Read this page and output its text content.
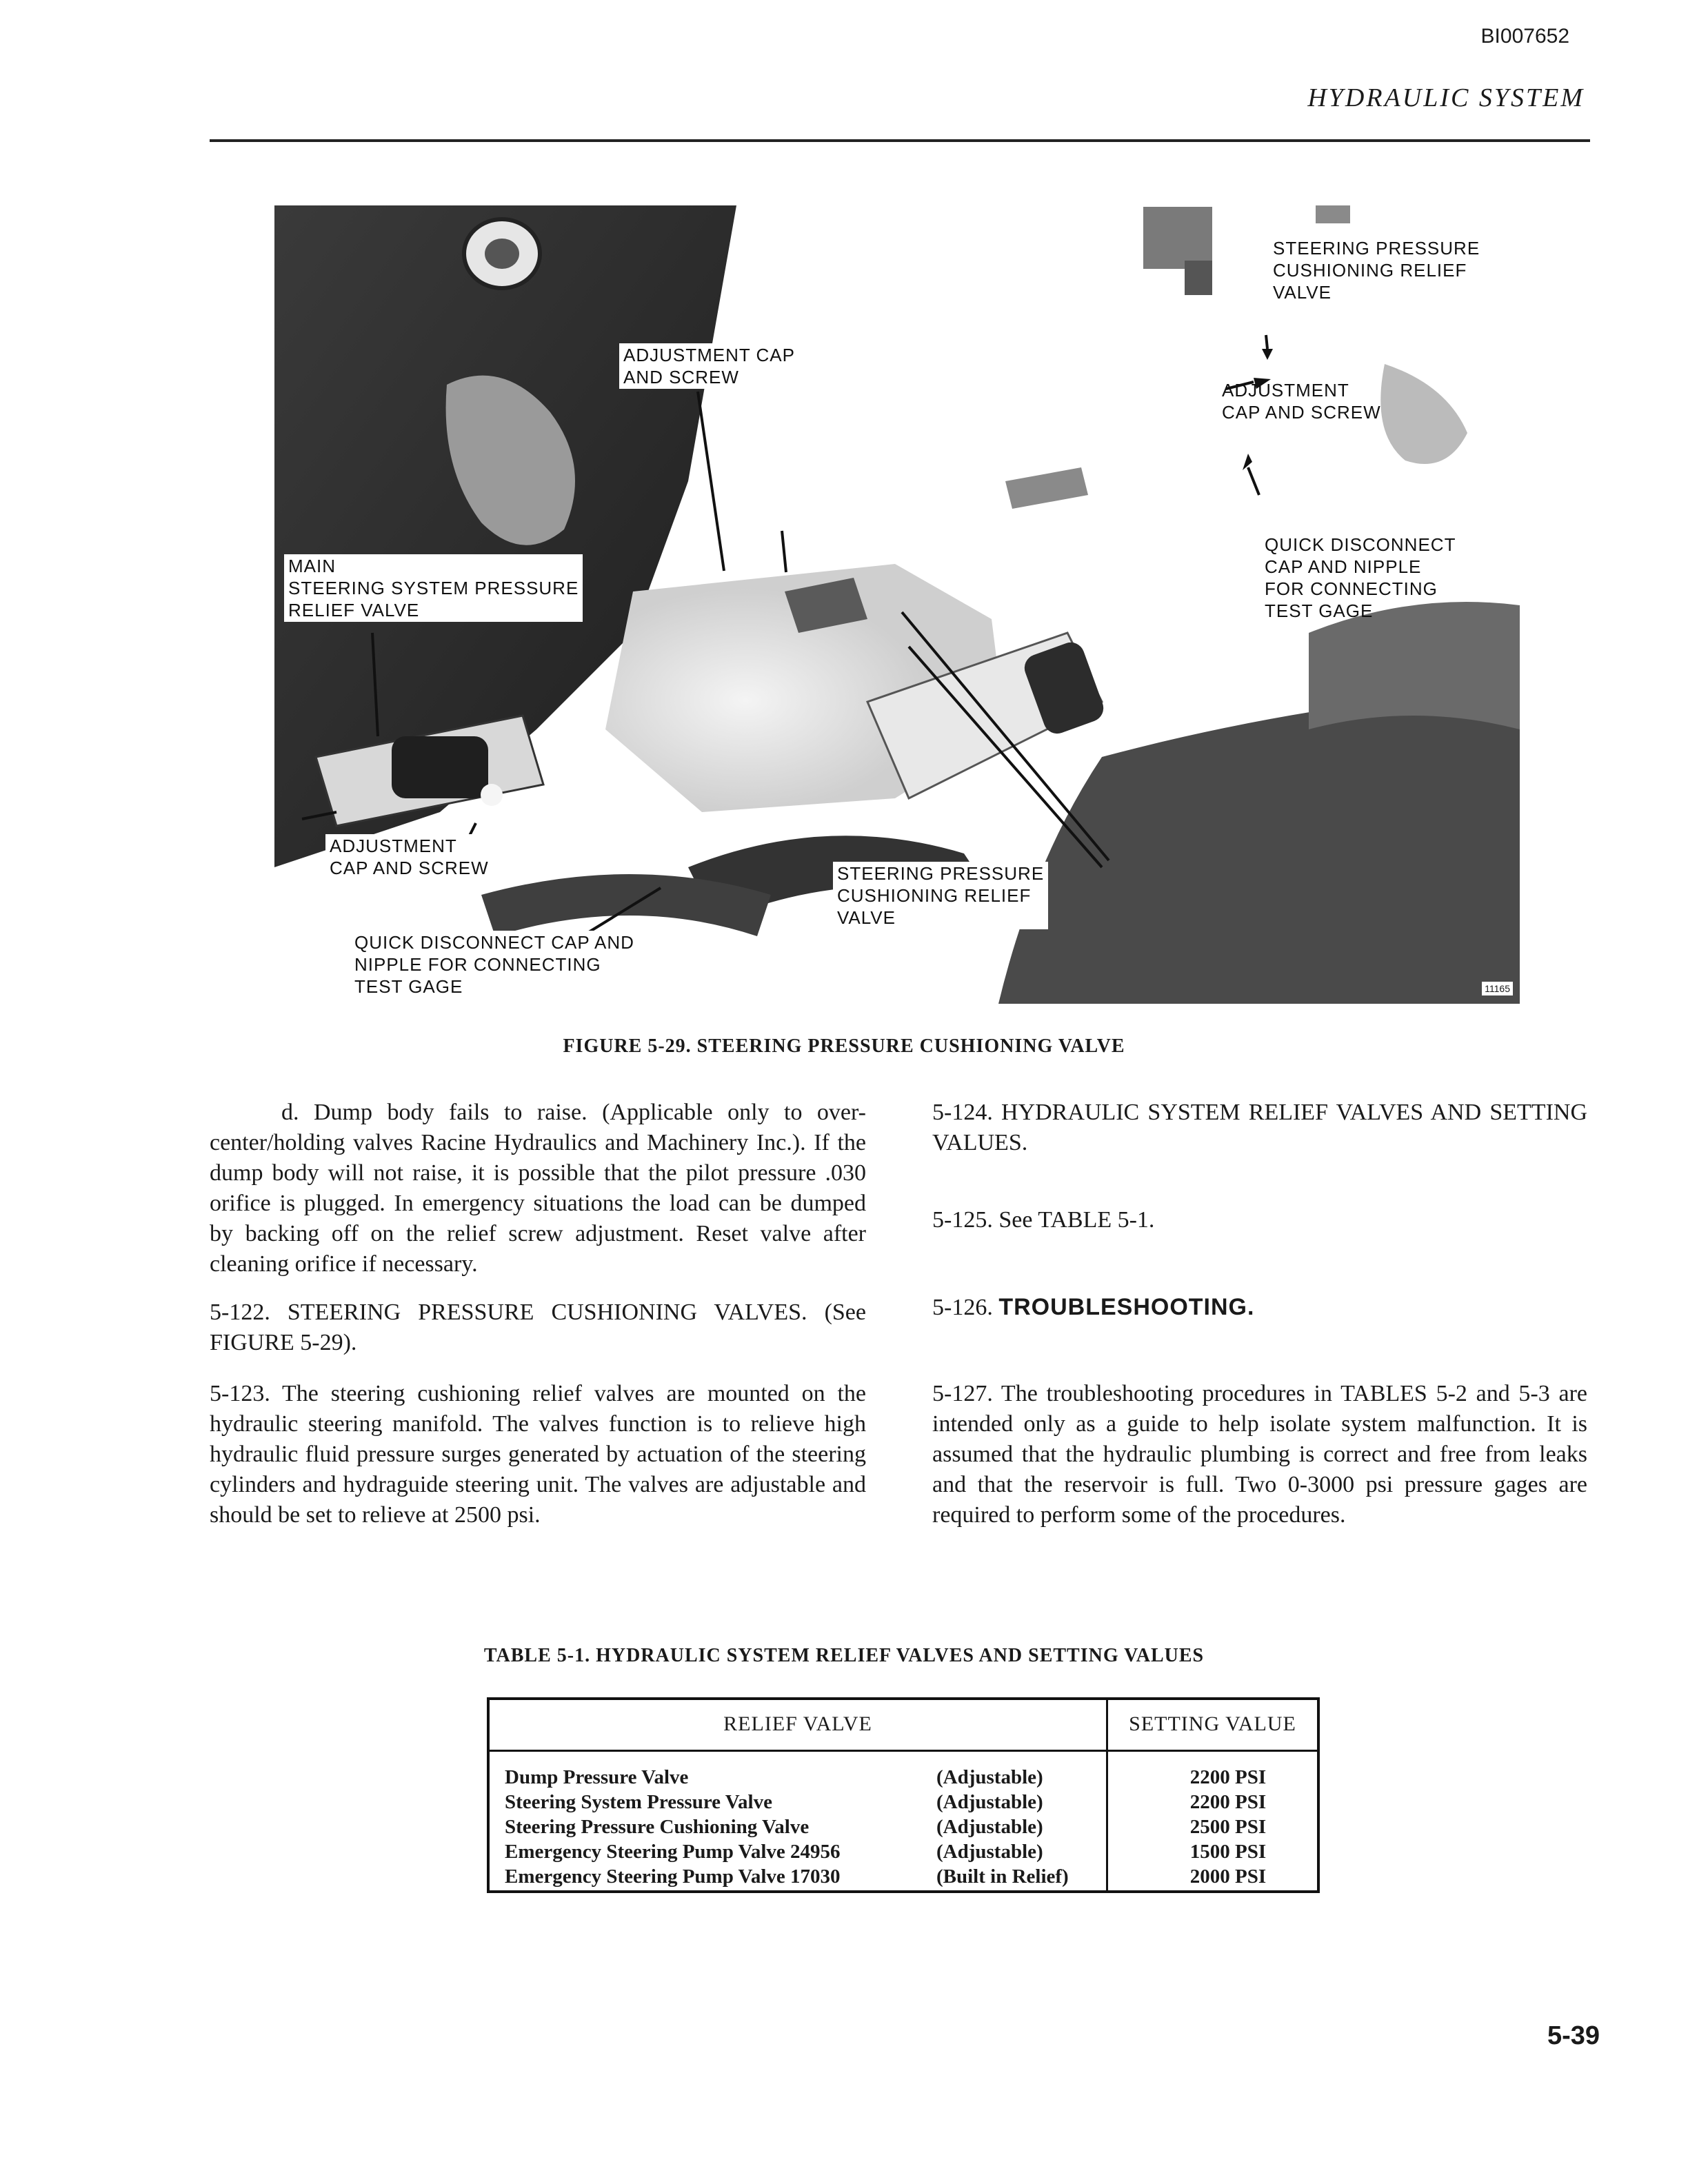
BI007652
HYDRAULIC SYSTEM
STEERING PRESSURE
CUSHIONING RELIEF
VALVE
ADJUSTMENT
CAP AND SCREW
QUICK DISCONNECT
CAP AND NIPPLE
FOR CONNECTING
TEST GAGE
ADJUSTMENT CAP
AND SCREW
MAIN
STEERING SYSTEM PRESSURE
RELIEF VALVE
ADJUSTMENT
CAP AND SCREW	STEERING PRESSURE
CUSHIONING RELIEF
VALVE
QUICK DISCONNECT CAP AND
NIPPLE FOR CONNECTING
TEST GAGE	11165
FIGURE 5-29. STEERING PRESSURE CUSHIONING VALVE

d. Dump body fails to raise. (Applicable only to over-center/holding valves Racine Hydraulics and Machinery Inc.). If the dump body will not raise, it is possible that the pilot pressure .030 orifice is plugged. In emergency situations the load can be dumped by backing off on the relief screw adjustment. Reset valve after cleaning orifice if necessary.

5-122. STEERING PRESSURE CUSHIONING VALVES. (See FIGURE 5-29).

5-123. The steering cushioning relief valves are mounted on the hydraulic steering manifold. The valves function is to relieve high hydraulic fluid pressure surges generated by actuation of the steering cylinders and hydraguide steering unit. The valves are adjustable and should be set to relieve at 2500 psi.

5-124. HYDRAULIC SYSTEM RELIEF VALVES AND SETTING VALUES.

5-125. See TABLE 5-1.

5-126. TROUBLESHOOTING.

5-127. The troubleshooting procedures in TABLES 5-2 and 5-3 are intended only as a guide to help isolate system malfunction. It is assumed that the hydraulic plumbing is correct and free from leaks and that the reservoir is full. Two 0-3000 psi pressure gages are required to perform some of the procedures.

TABLE 5-1. HYDRAULIC SYSTEM RELIEF VALVES AND SETTING VALUES
RELIEF VALVE	SETTING VALUE
Dump Pressure Valve	(Adjustable)	2200 PSI
Steering System Pressure Valve	(Adjustable)	2200 PSI
Steering Pressure Cushioning Valve	(Adjustable)	2500 PSI
Emergency Steering Pump Valve 24956	(Adjustable)	1500 PSI
Emergency Steering Pump Valve 17030	(Built in Relief)	2000 PSI
5-39
